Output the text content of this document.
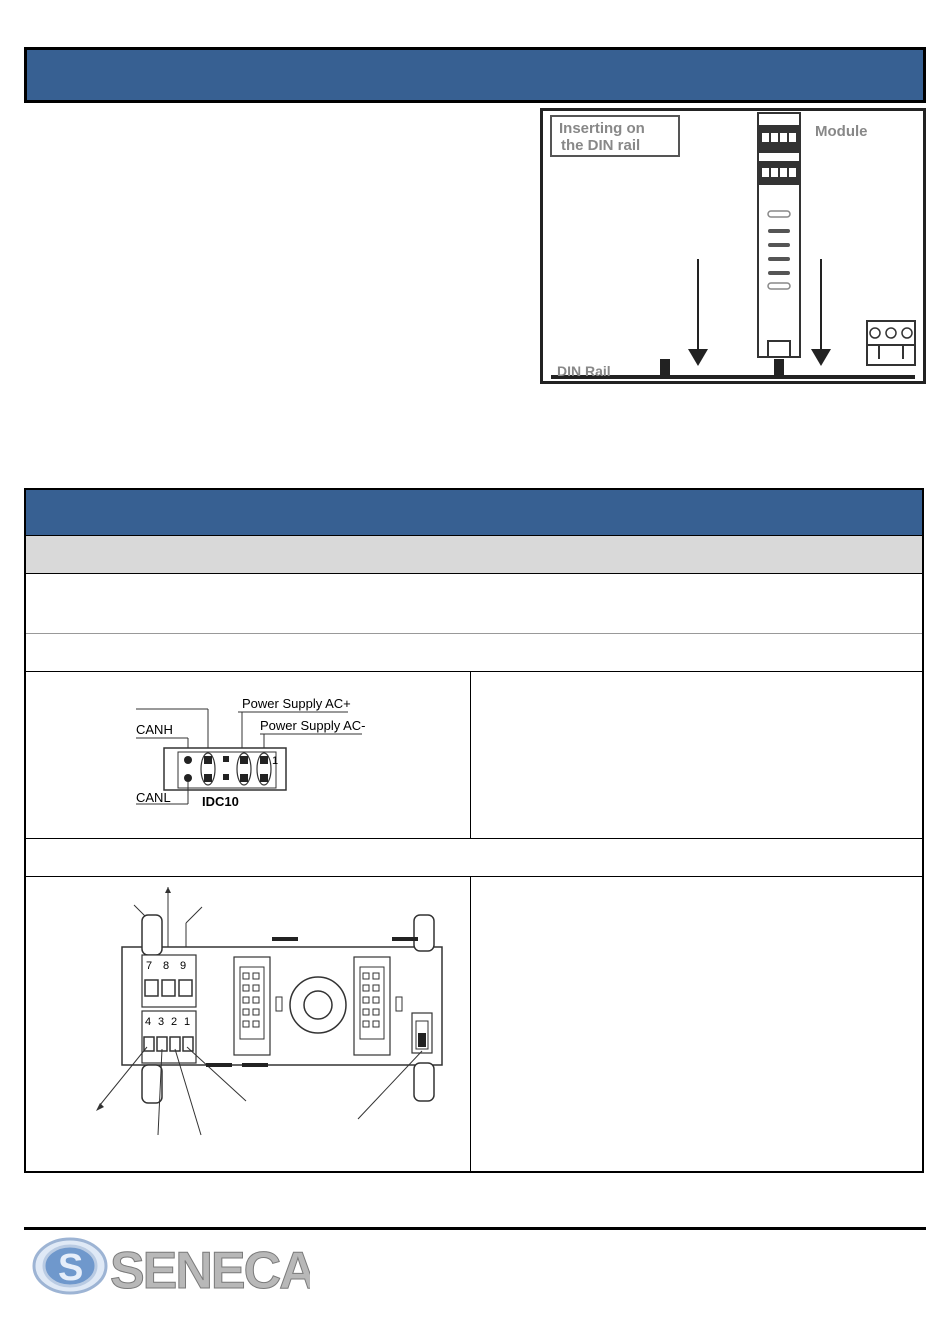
Inserting on
the DIN rail
Module
DIN Rail
CANH
Power Supply AC+
Power Supply AC-
1
CANL IDC10
7 8 9
4 3 2 1
S SENECA
